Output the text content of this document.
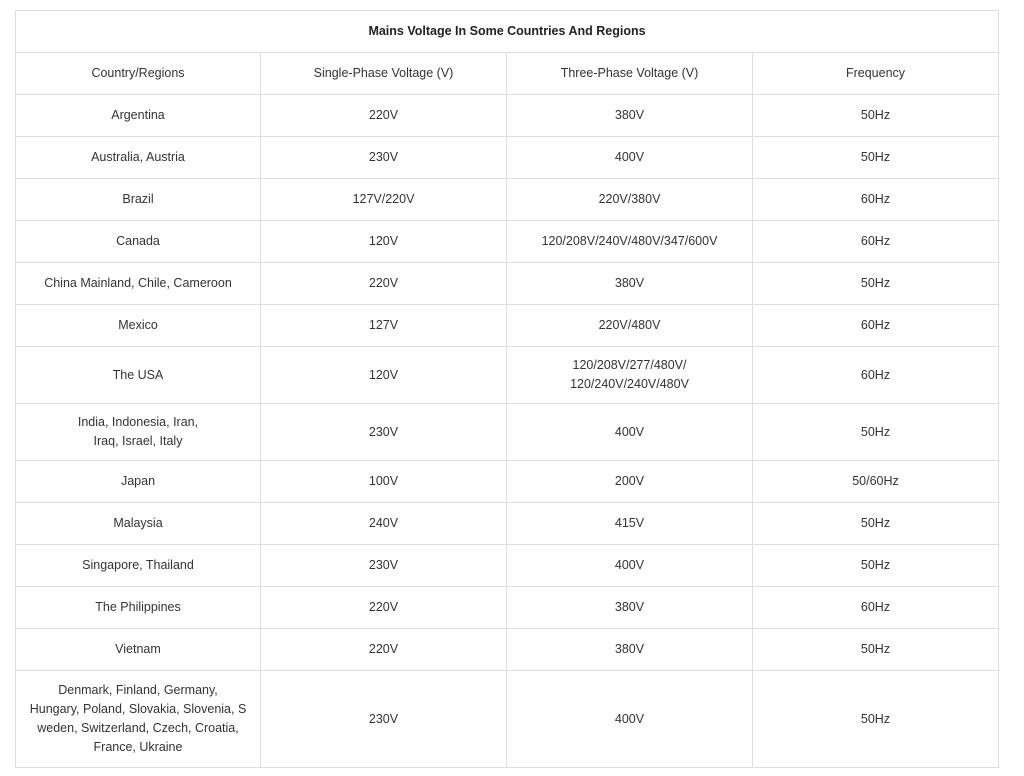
Mains Voltage In Some Countries And Regions			
Country/Regions	Single-Phase Voltage (V)	Three-Phase Voltage (V)	Frequency
Argentina	220V	380V	50Hz
Australia, Austria	230V	400V	50Hz
Brazil	127V/220V	220V/380V	60Hz
Canada	120V	120/208V/240V/480V/347/600V	60Hz
China Mainland, Chile, Cameroon	220V	380V	50Hz
Mexico	127V	220V/480V	60Hz
The USA	120V	120/208V/277/480V/
120/240V/240V/480V	60Hz
India, Indonesia, Iran,
Iraq, Israel, Italy	230V	400V	50Hz
Japan	100V	200V	50/60Hz
Malaysia	240V	415V	50Hz
Singapore, Thailand	230V	400V	50Hz
The Philippines	220V	380V	60Hz
Vietnam	220V	380V	50Hz
Denmark, Finland, Germany,
Hungary, Poland, Slovakia, Slovenia, S
weden, Switzerland, Czech, Croatia,
France, Ukraine	230V	400V	50Hz
